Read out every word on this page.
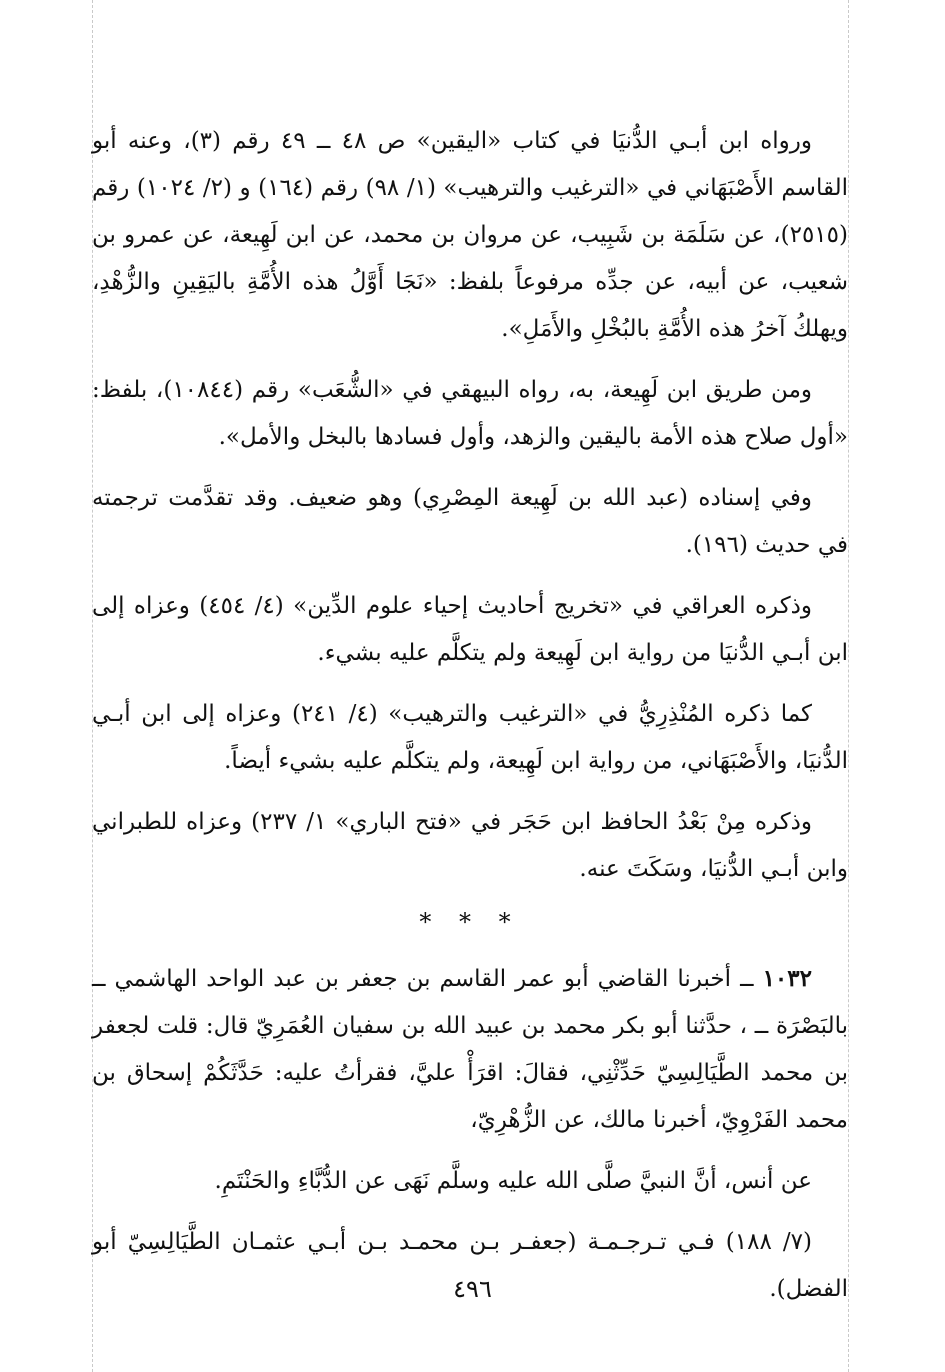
ورواه ابن أبـي الدُّنيَا في كتاب «اليقين» ص ٤٨ ــ ٤٩ رقم (٣)، وعنه أبو القاسم الأَصْبَهَاني في «الترغيب والترهيب» (١/ ٩٨) رقم (١٦٤) و (٢/ ١٠٢٤) رقم (٢٥١٥)، عن سَلَمَة بن شَبِيب، عن مروان بن محمد، عن ابن لَهِيعة، عن عمرو بن شعيب، عن أبيه، عن جدِّه مرفوعاً بلفظ: «نَجَا أَوَّلُ هذه الأُمَّةِ باليَقِينِ والزُّهْدِ، ويهلكُ آخرُ هذه الأُمَّةِ بالبُخْلِ والأَمَلِ».

ومن طريق ابن لَهِيعة، به، رواه البيهقي في «الشُّعَب» رقم (١٠٨٤٤)، بلفظ: «أول صلاح هذه الأمة باليقين والزهد، وأول فسادها بالبخل والأمل».

وفي إسناده (عبد الله بن لَهِيعة المِصْرِي) وهو ضعيف. وقد تقدَّمت ترجمته في حديث (١٩٦).

وذكره العراقي في «تخريج أحاديث إحياء علوم الدِّين» (٤/ ٤٥٤) وعزاه إلى ابن أبـي الدُّنيَا من رواية ابن لَهِيعة ولم يتكلَّم عليه بشيء.

كما ذكره المُنْذِرِيُّ في «الترغيب والترهيب» (٤/ ٢٤١) وعزاه إلى ابن أبـي الدُّنيَا، والأَصْبَهَاني، من رواية ابن لَهِيعة، ولم يتكلَّم عليه بشيء أيضاً.

وذكره مِنْ بَعْدُ الحافظ ابن حَجَر في «فتح الباري» ١/ ٢٣٧) وعزاه للطبراني وابن أبـي الدُّنيَا، وسَكَتَ عنه.

* * *

١٠٣٢ ــ أخبرنا القاضي أبو عمر القاسم بن جعفر بن عبد الواحد الهاشمي ــ بالبَصْرَة ــ ، حدَّثنا أبو بكر محمد بن عبيد الله بن سفيان العُمَرِيّ قال: قلت لجعفر بن محمد الطَّيَالِسِيّ حَدِّثْنِي، فقالَ: اقرَأْ عليَّ، فقرأتُ عليه: حَدَّثَكُمْ إسحاق بن محمد الفَرْوِيّ، أخبرنا مالك، عن الزُّهْرِيّ،

عن أنس، أنَّ النبيَّ صلَّى الله عليه وسلَّم نَهَى عن الدُّبَّاءِ والحَنْتَمِ.

(٧/ ١٨٨) فـي تـرجـمـة (جعفـر بـن محمـد بـن أبـي عثمـان الطَّيَالِسِيّ أبو الفضل).

٤٩٦
